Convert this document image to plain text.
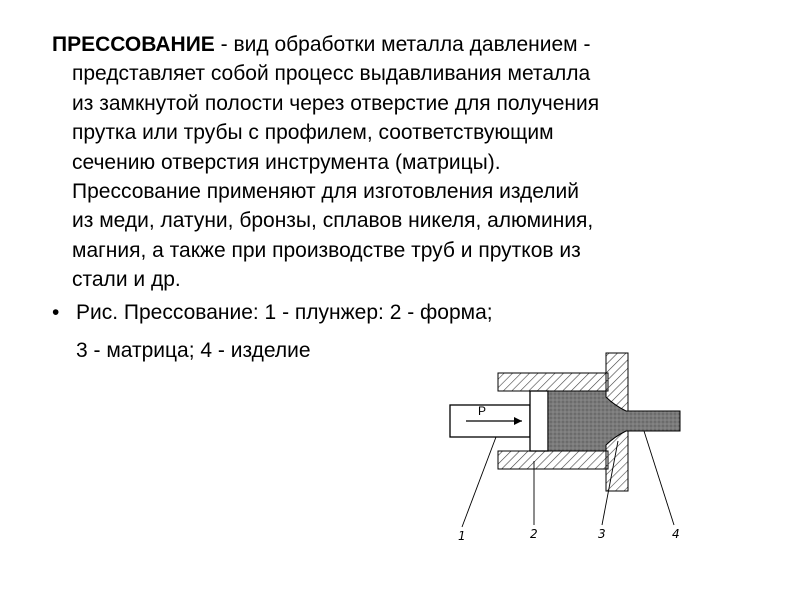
ПРЕССОВАНИЕ - вид обработки металла давлением -
представляет собой процесс выдавливания металла
из замкнутой полости через отверстие для получения
прутка или трубы с профилем, соответствующим
сечению отверстия инструмента (матрицы).
Прессование применяют для изготовления изделий
из меди, латуни, бронзы, сплавов никеля, алюминия,
магния, а также при производстве труб и прутков из
стали и др.
• Рис. Прессование: 1 - плунжер: 2 - форма;
3 - матрица; 4 - изделие
P
1	2	3	4
